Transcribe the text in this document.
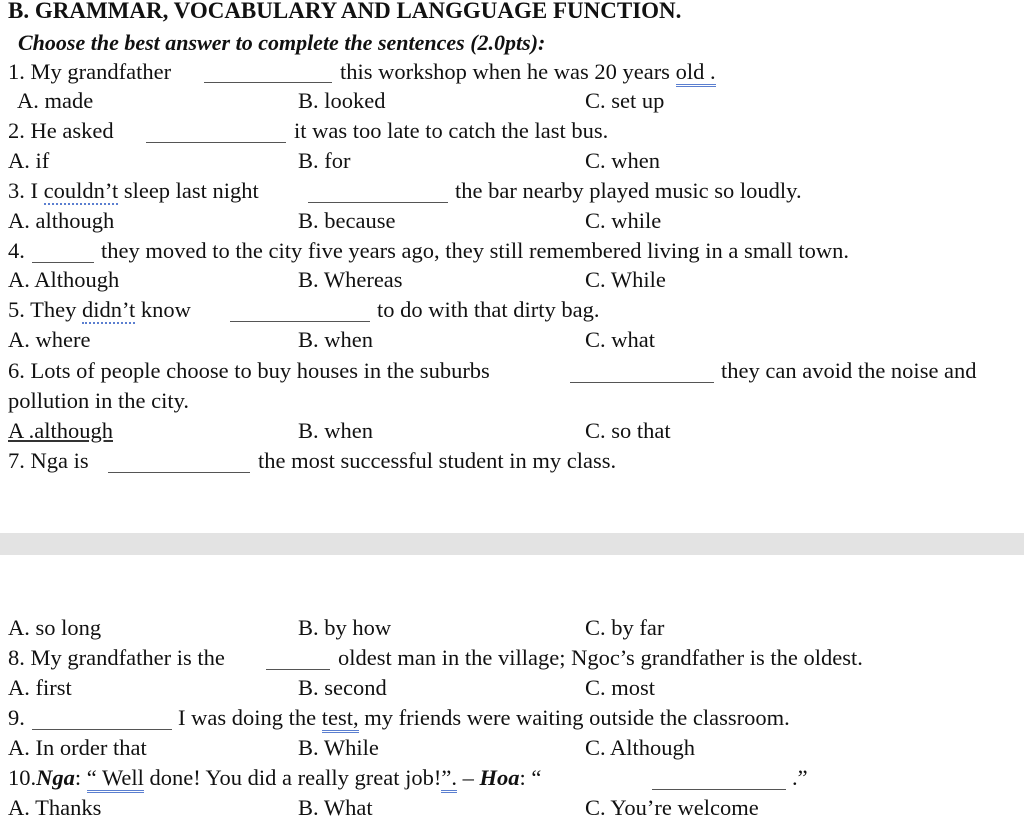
B. GRAMMAR, VOCABULARY AND LANGGUAGE FUNCTION.
Choose the best answer to complete the sentences (2.0pts):
1. My grandfather	this workshop when he was 20 years old .
A. made	B. looked	C. set up
2. He asked	it was too late to catch the last bus.
A. if	B. for	C. when
3. I couldn’t sleep last night	the bar nearby played music so loudly.
A. although	B. because	C. while
4.	they moved to the city five years ago, they still remembered living in a small town.
A. Although	B. Whereas	C. While
5. They didn’t know	to do with that dirty bag.
A. where	B. when	C. what
6. Lots of people choose to buy houses in the suburbs	they can avoid the noise and
pollution in the city.
A .although	B. when	C. so that
7. Nga is	the most successful student in my class.
A. so long	B. by how	C. by far
8. My grandfather is the	oldest man in the village; Ngoc’s grandfather is the oldest.
A. first	B. second	C. most
9.	I was doing the test, my friends were waiting outside the classroom.
A. In order that	B. While	C. Although
10.Nga: “ Well done! You did a really great job!”. – Hoa: “	.”
A. Thanks	B. What	C. You’re welcome
